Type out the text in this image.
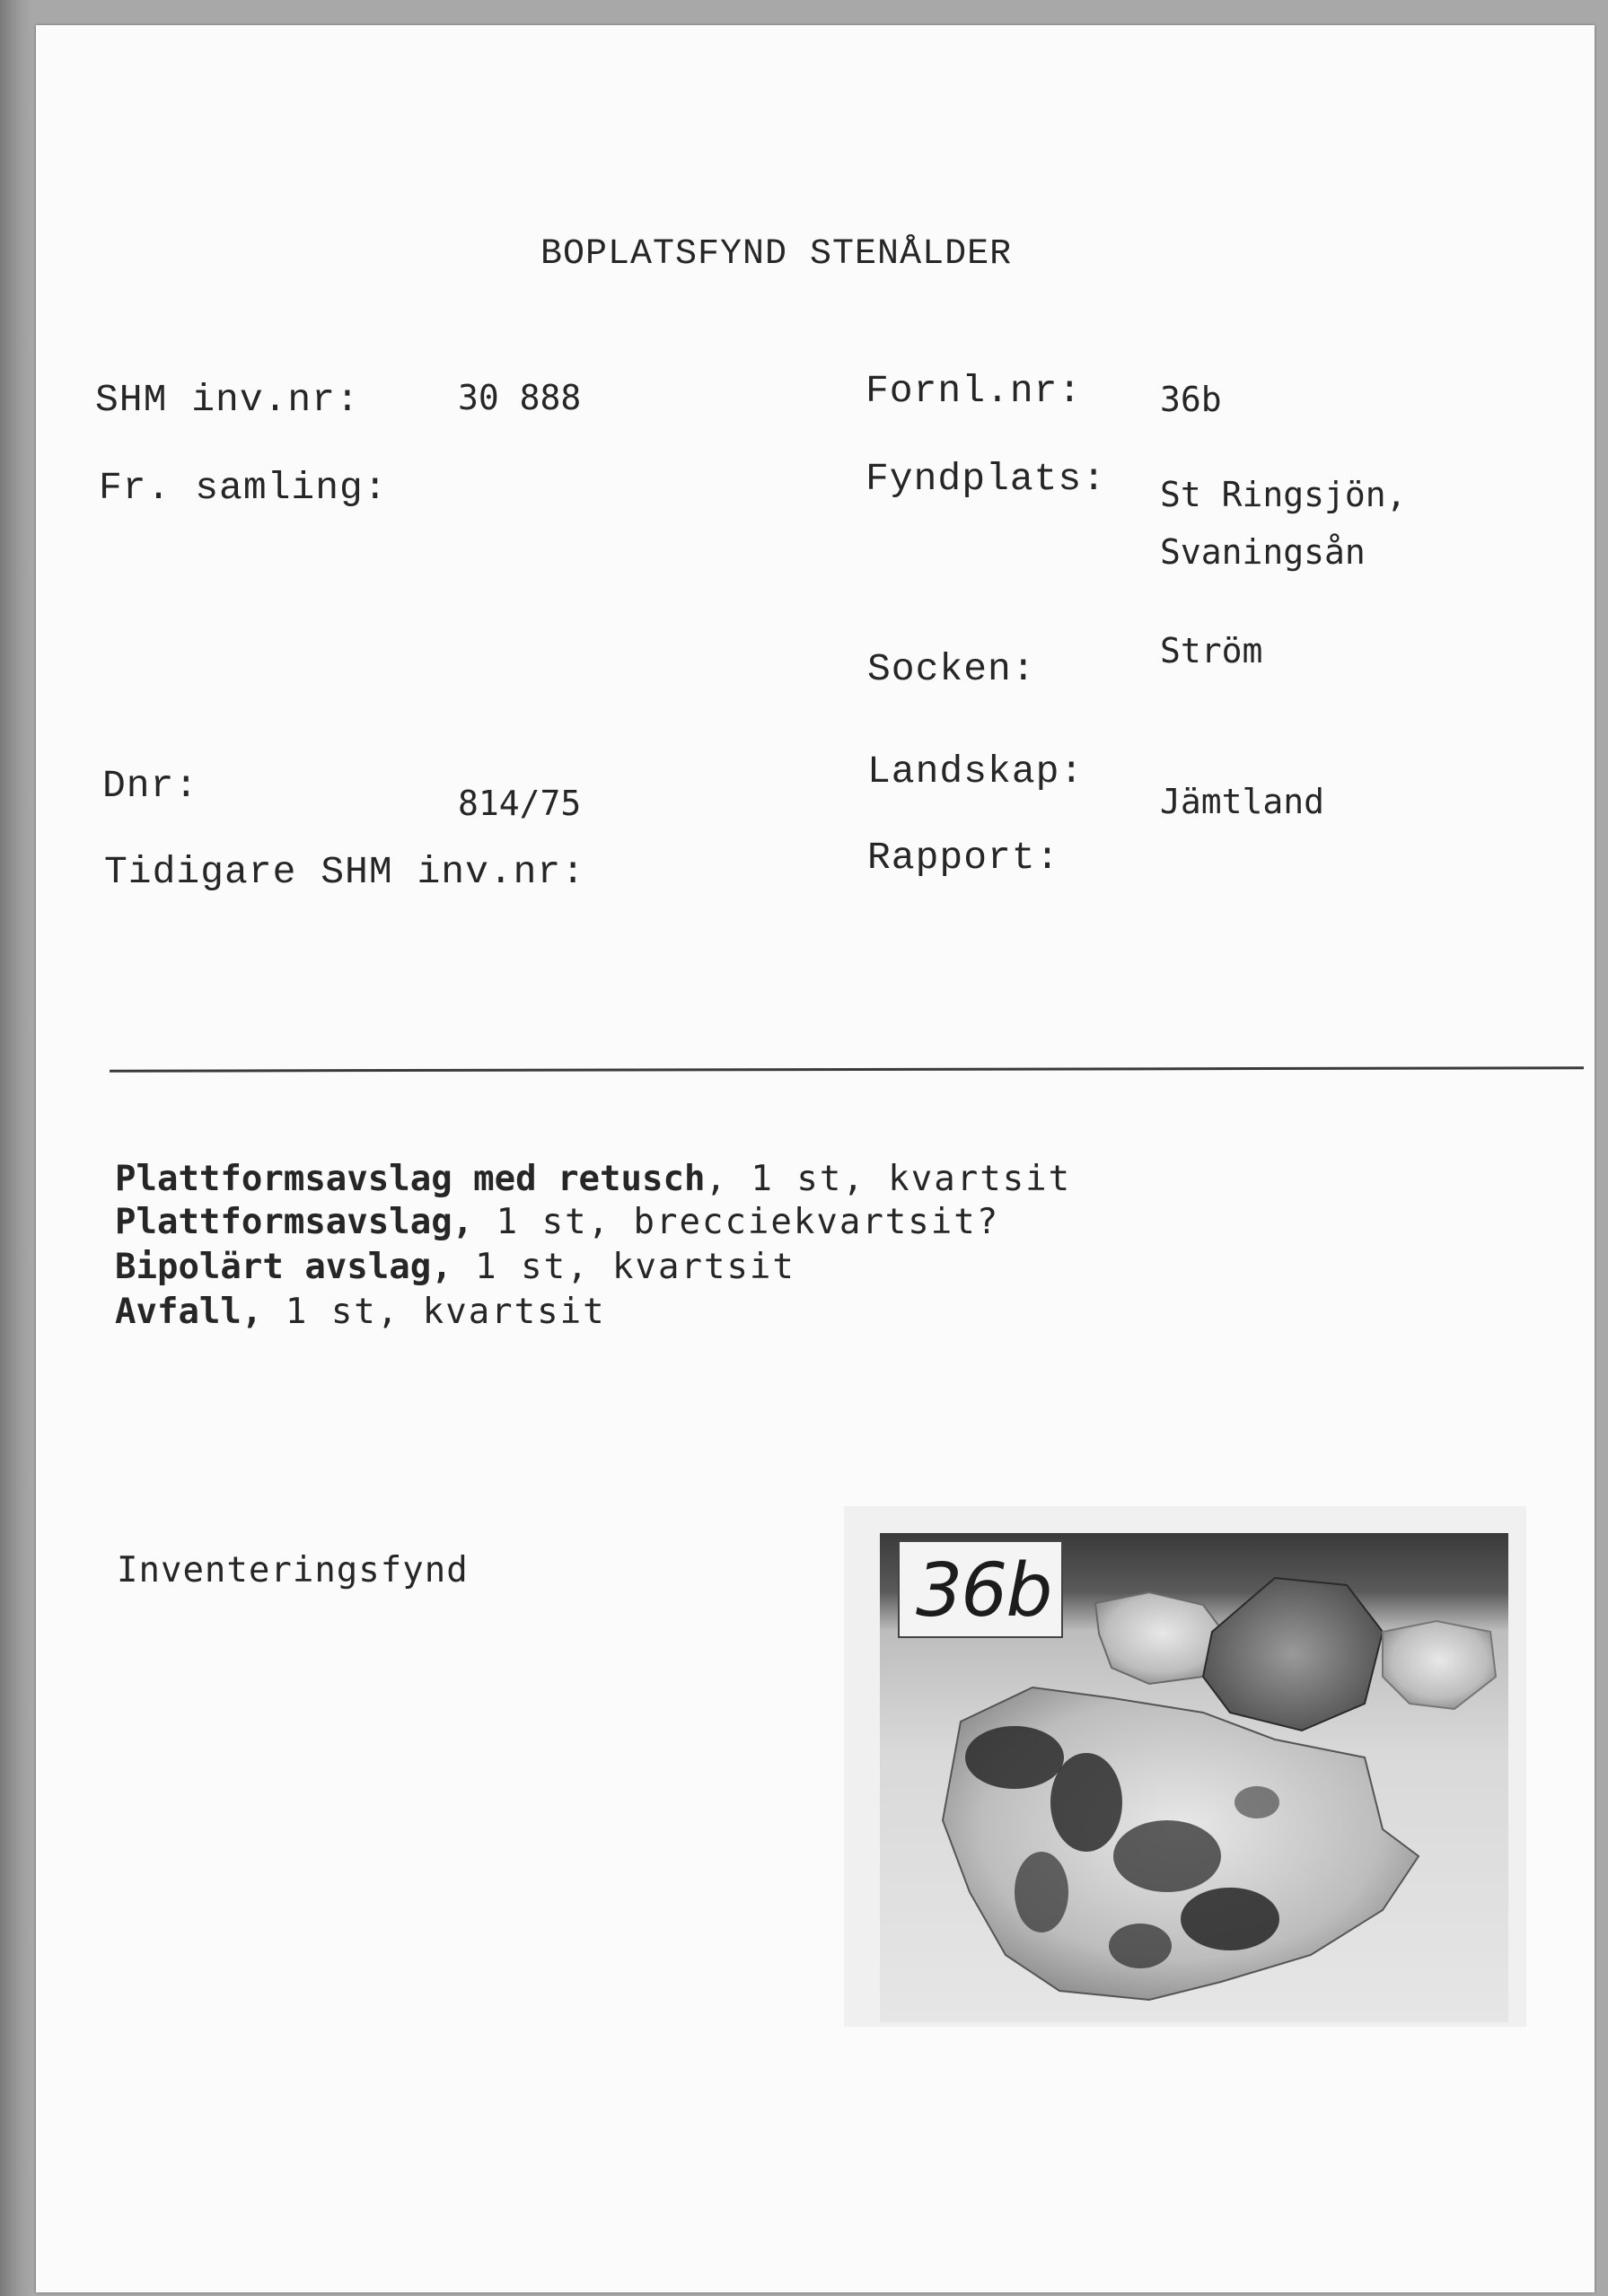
BOPLATSFYND STENÅLDER
SHM inv.nr:	30 888
Fr. samling:
Dnr:	814/75
Tidigare SHM inv.nr:
Fornl.nr: 36b
Fyndplats: St Ringsjön,
Svaningsån
Socken:	Ström
Landskap:
Jämtland
Rapport:
Plattformsavslag med retusch, 1 st, kvartsit
Plattformsavslag, 1 st, brecciekvartsit?
Bipolärt avslag, 1 st, kvartsit
Avfall, 1 st, kvartsit
Inventeringsfynd	36b
